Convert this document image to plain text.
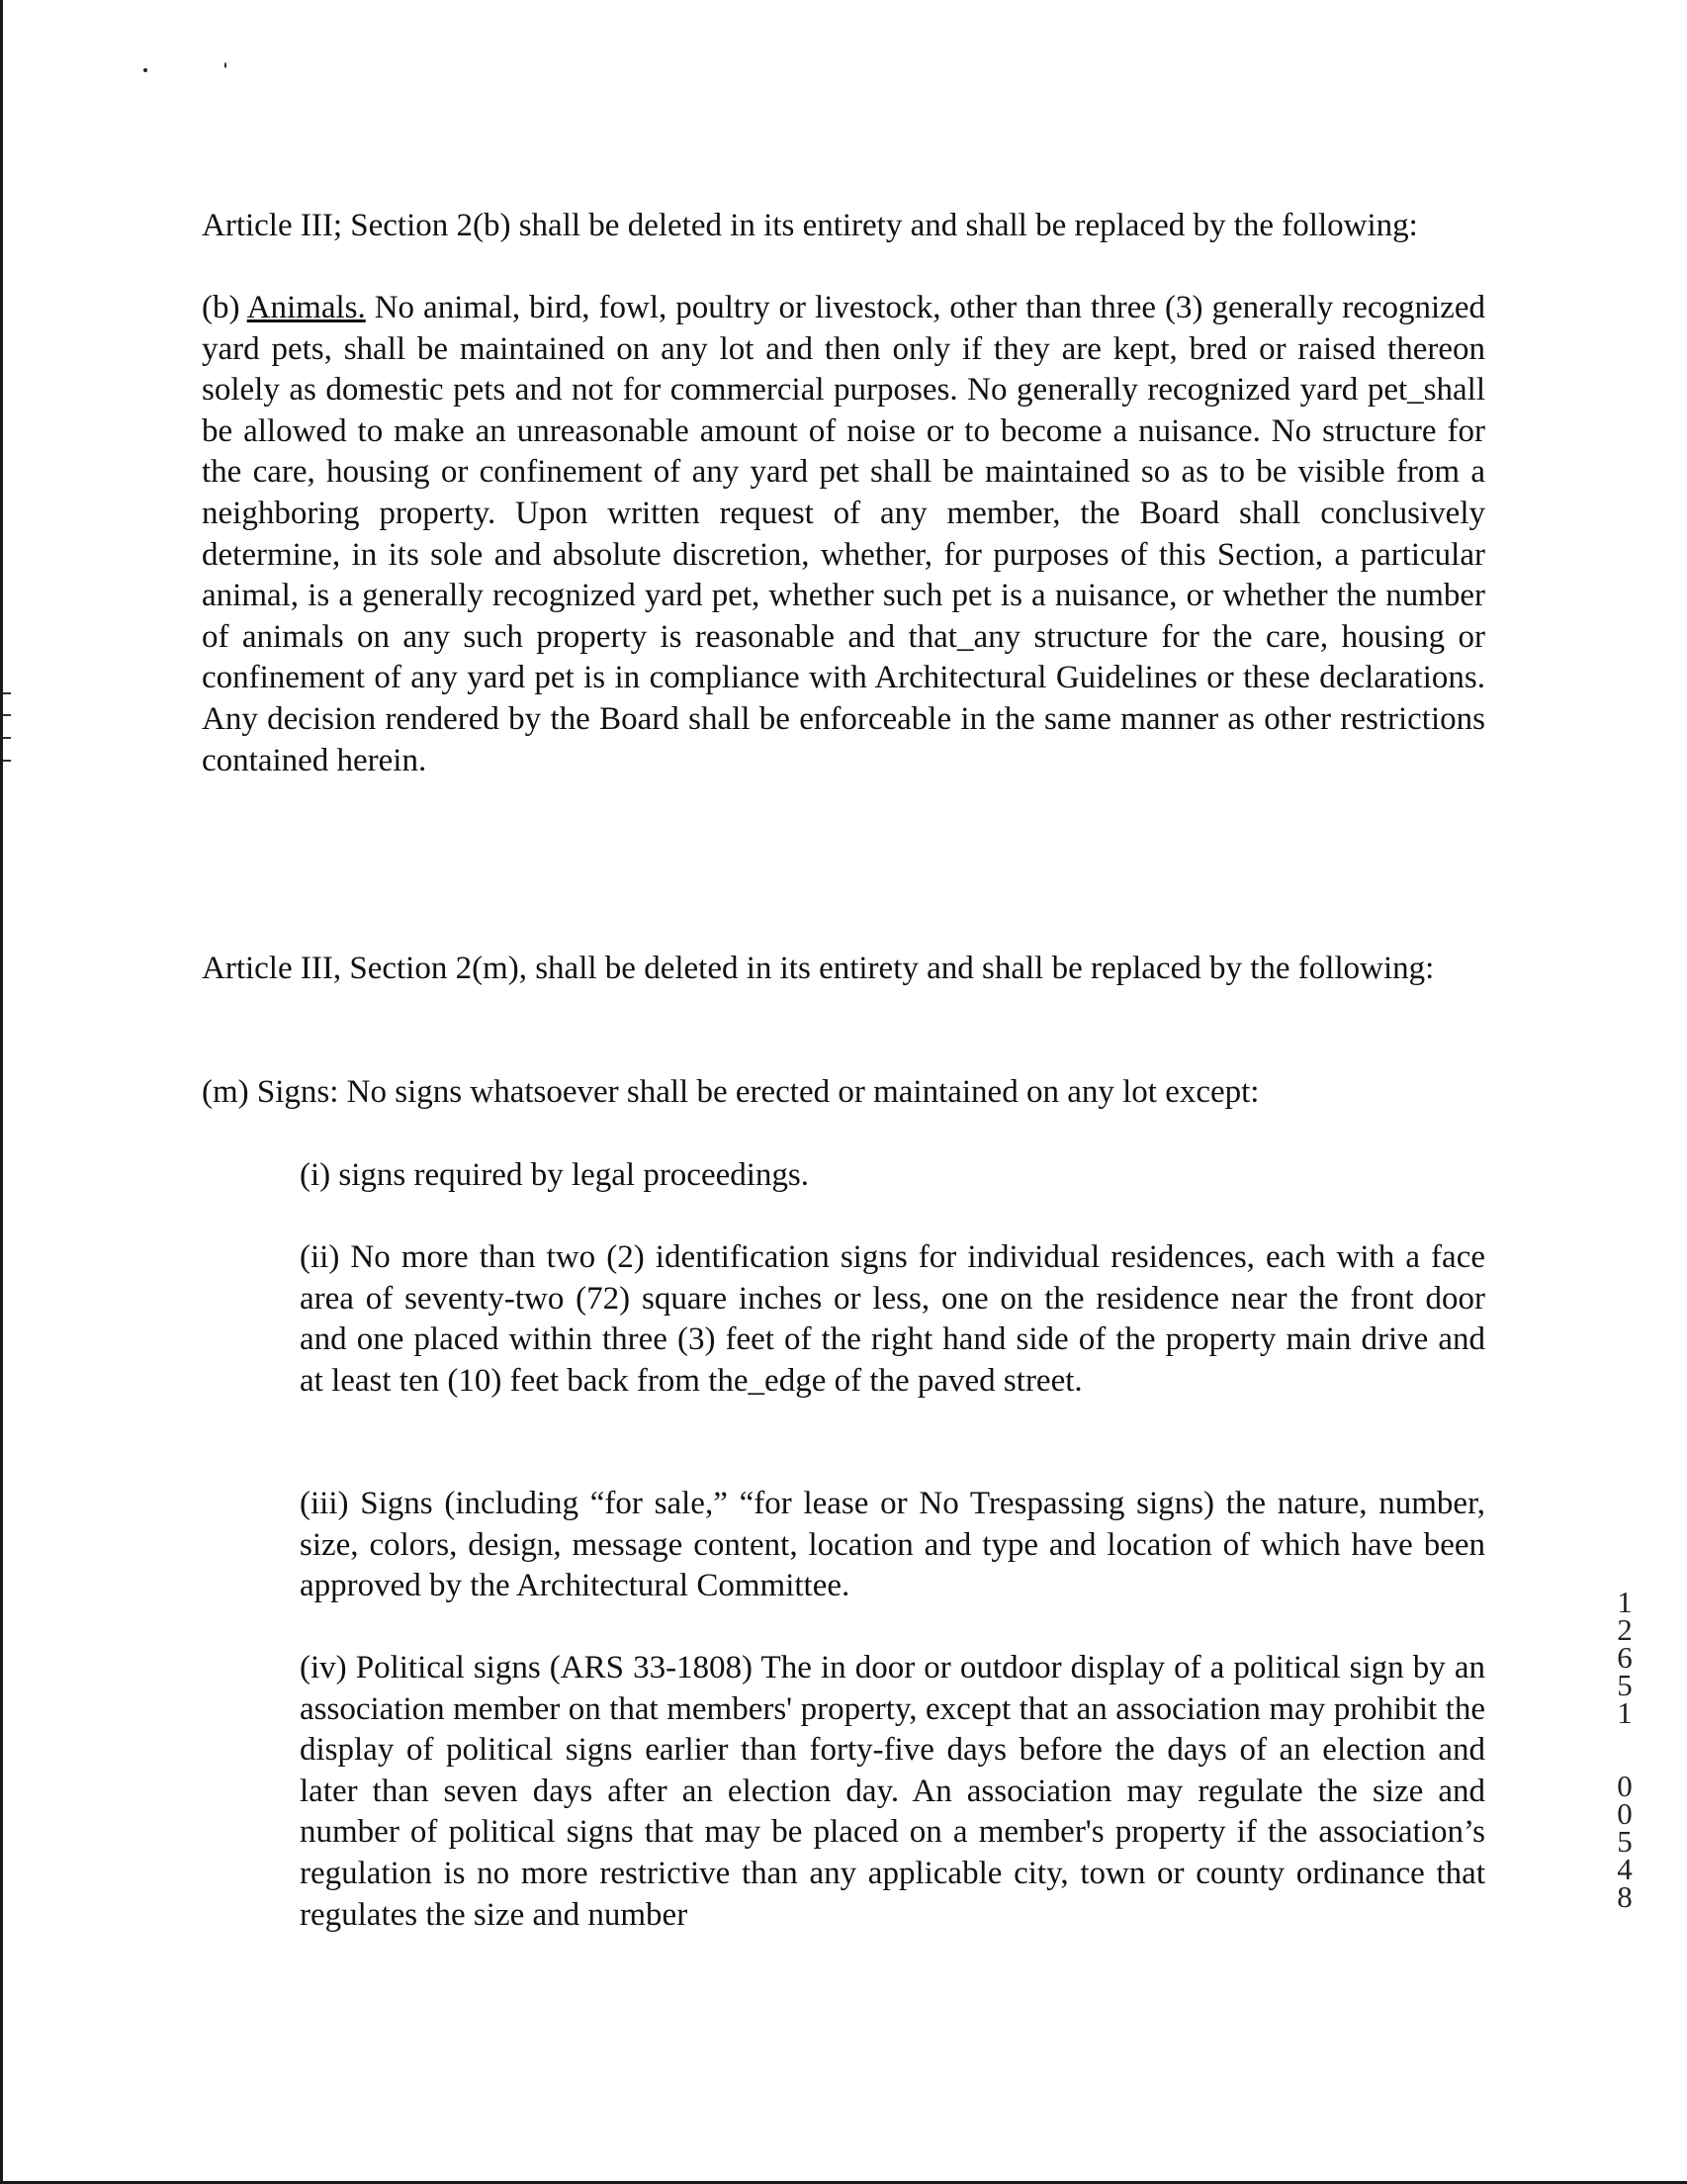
Article III; Section 2(b) shall be deleted in its entirety and shall be replaced by the following:

(b) Animals. No animal, bird, fowl, poultry or livestock, other than three (3) generally recognized yard pets, shall be maintained on any lot and then only if they are kept, bred or raised thereon solely as domestic pets and not for commercial purposes. No generally recognized yard pet_shall be allowed to make an unreasonable amount of noise or to become a nuisance. No structure for the care, housing or confinement of any yard pet shall be maintained so as to be visible from a neighboring property. Upon written request of any member, the Board shall conclusively determine, in its sole and absolute discretion, whether, for purposes of this Section, a particular animal, is a generally recognized yard pet, whether such pet is a nuisance, or whether the number of animals on any such property is reasonable and that_any structure for the care, housing or confinement of any yard pet is in compliance with Architectural Guidelines or these declarations. Any decision rendered by the Board shall be enforceable in the same manner as other restrictions contained herein.

Article III, Section 2(m), shall be deleted in its entirety and shall be replaced by the following:

(m) Signs: No signs whatsoever shall be erected or maintained on any lot except:

(i) signs required by legal proceedings.

(ii) No more than two (2) identification signs for individual residences, each with a face area of seventy-two (72) square inches or less, one on the residence near the front door and one placed within three (3) feet of the right hand side of the property main drive and at least ten (10) feet back from the_edge of the paved street.

(iii) Signs (including “for sale,” “for lease or No Trespassing signs) the nature, number, size, colors, design, message content, location and type and location of which have been approved by the Architectural Committee.

(iv) Political signs (ARS 33-1808) The in door or outdoor display of a political sign by an association member on that members' property, except that an association may prohibit the display of political signs earlier than forty-five days before the days of an election and later than seven days after an election day. An association may regulate the size and number of political signs that may be placed on a member's property if the association’s regulation is no more restrictive than any applicable city, town or county ordinance that regulates the size and number

1
2
6
5
1
0
0
5
4
8
